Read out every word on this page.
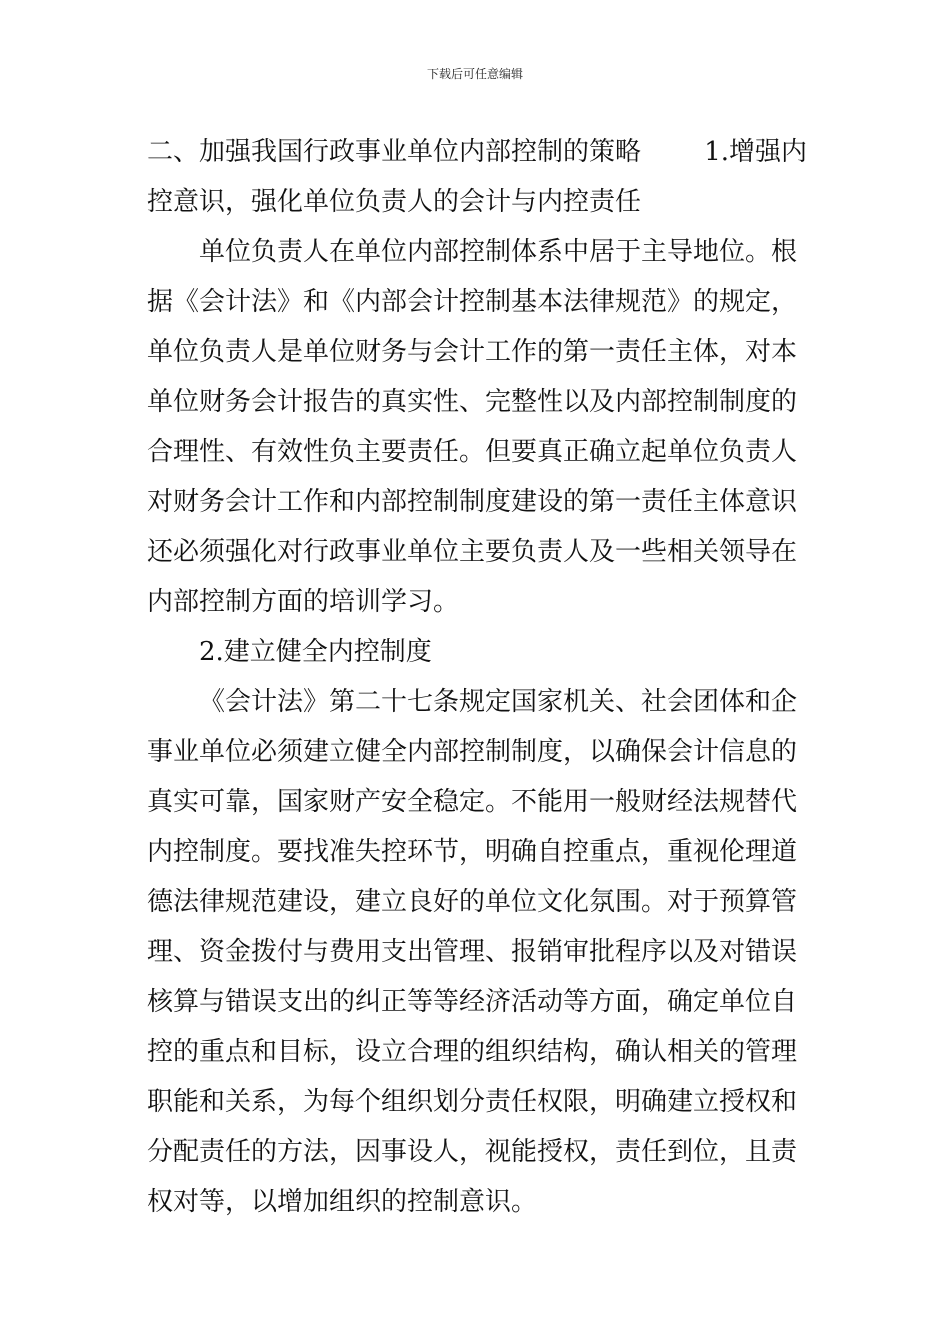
下载后可任意编辑
二、加强我国行政事业单位内部控制的策略 1.增强内
控意识，强化单位负责人的会计与内控责任
单位负责人在单位内部控制体系中居于主导地位。根
据《会计法》和《内部会计控制基本法律规范》的规定，
单位负责人是单位财务与会计工作的第一责任主体，对本
单位财务会计报告的真实性、完整性以及内部控制制度的
合理性、有效性负主要责任。但要真正确立起单位负责人
对财务会计工作和内部控制制度建设的第一责任主体意识
还必须强化对行政事业单位主要负责人及一些相关领导在
内部控制方面的培训学习。
2.建立健全内控制度
《会计法》第二十七条规定国家机关、社会团体和企
事业单位必须建立健全内部控制制度，以确保会计信息的
真实可靠，国家财产安全稳定。不能用一般财经法规替代
内控制度。要找准失控环节，明确自控重点，重视伦理道
德法律规范建设，建立良好的单位文化氛围。对于预算管
理、资金拨付与费用支出管理、报销审批程序以及对错误
核算与错误支出的纠正等等经济活动等方面，确定单位自
控的重点和目标，设立合理的组织结构，确认相关的管理
职能和关系，为每个组织划分责任权限，明确建立授权和
分配责任的方法，因事设人，视能授权，责任到位，且责
权对等，以增加组织的控制意识。
